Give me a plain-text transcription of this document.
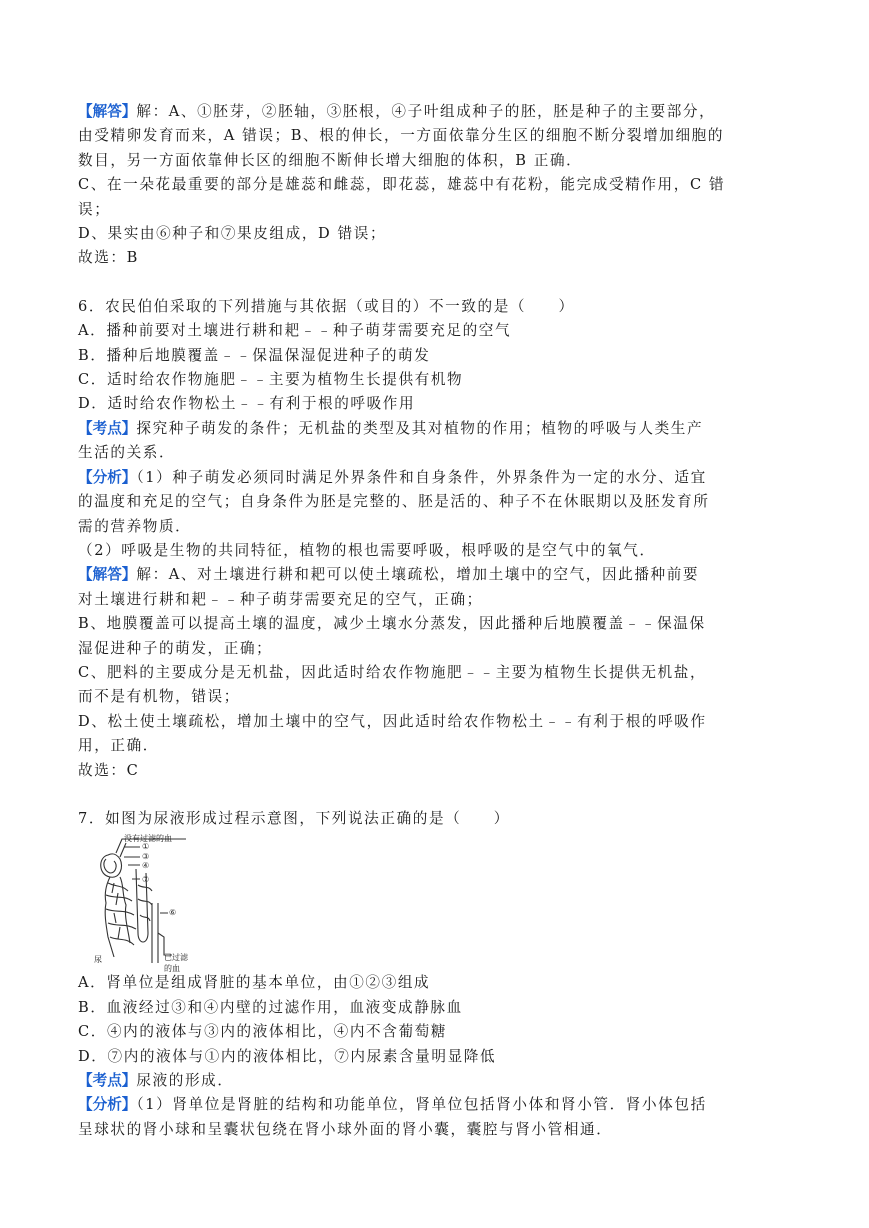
【解答】解：A、①胚芽，②胚轴，③胚根，④子叶组成种子的胚，胚是种子的主要部分，
由受精卵发育而来，A 错误；B、根的伸长，一方面依靠分生区的细胞不断分裂增加细胞的
数目，另一方面依靠伸长区的细胞不断伸长增大细胞的体积，B 正确．
C、在一朵花最重要的部分是雄蕊和雌蕊，即花蕊，雄蕊中有花粉，能完成受精作用，C 错
误；
D、果实由⑥种子和⑦果皮组成，D 错误；
故选：B
6．农民伯伯采取的下列措施与其依据（或目的）不一致的是（　　）
A．播种前要对土壤进行耕和耙﹣﹣种子萌芽需要充足的空气
B．播种后地膜覆盖﹣﹣保温保湿促进种子的萌发
C．适时给农作物施肥﹣﹣主要为植物生长提供有机物
D．适时给农作物松土﹣﹣有利于根的呼吸作用
【考点】探究种子萌发的条件；无机盐的类型及其对植物的作用；植物的呼吸与人类生产
生活的关系．
【分析】（1）种子萌发必须同时满足外界条件和自身条件，外界条件为一定的水分、适宜
的温度和充足的空气；自身条件为胚是完整的、胚是活的、种子不在休眠期以及胚发育所
需的营养物质．
（2）呼吸是生物的共同特征，植物的根也需要呼吸，根呼吸的是空气中的氧气．
【解答】解：A、对土壤进行耕和耙可以使土壤疏松，增加土壤中的空气，因此播种前要
对土壤进行耕和耙﹣﹣种子萌芽需要充足的空气，正确；
B、地膜覆盖可以提高土壤的温度，减少土壤水分蒸发，因此播种后地膜覆盖﹣﹣保温保
湿促进种子的萌发，正确；
C、肥料的主要成分是无机盐，因此适时给农作物施肥﹣﹣主要为植物生长提供无机盐，
而不是有机物，错误；
D、松土使土壤疏松，增加土壤中的空气，因此适时给农作物松土﹣﹣有利于根的呼吸作
用，正确．
故选：C
7．如图为尿液形成过程示意图，下列说法正确的是（　　）
没有过滤的血
①
③
④
⑦
⑥
已过滤的血
尿
A．肾单位是组成肾脏的基本单位，由①②③组成
B．血液经过③和④内壁的过滤作用，血液变成静脉血
C．④内的液体与③内的液体相比，④内不含葡萄糖
D．⑦内的液体与①内的液体相比，⑦内尿素含量明显降低
【考点】尿液的形成．
【分析】（1）肾单位是肾脏的结构和功能单位，肾单位包括肾小体和肾小管．肾小体包括
呈球状的肾小球和呈囊状包绕在肾小球外面的肾小囊，囊腔与肾小管相通．
